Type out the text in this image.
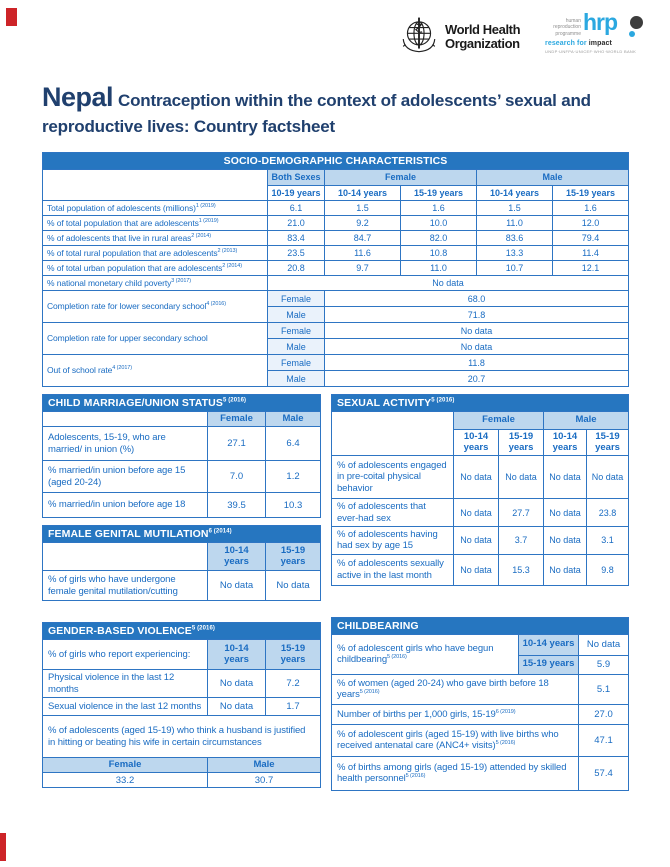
World Health
Organization
human reproduction programme hrp
research for impact
UNDP·UNFPA·UNICEF·WHO·WORLD BANK
Nepal Contraception within the context of adolescents’ sexual and reproductive lives: Country factsheet
SOCIO-DEMOGRAPHIC CHARACTERISTICS					
	Both Sexes	Female		Male	
	10-19 years	10-14 years	15-19 years	10-14 years	15-19 years
Total population of adolescents (millions)$^{1 (2019)}$	6.1	1.5	1.6	1.5	1.6
% of total population that are adolescents$^{1 (2019)}$	21.0	9.2	10.0	11.0	12.0
% of adolescents that live in rural areas$^{2 (2014)}$	83.4	84.7	82.0	83.6	79.4
% of total rural population that are adolescents$^{2 (2013)}$	23.5	11.6	10.8	13.3	11.4
% of total urban population that are adolescents$^{2 (2014)}$	20.8	9.7	11.0	10.7	12.1
% national monetary child poverty$^{3 (2017)}$	No data				
Completion rate for lower secondary school$^{4 (2016)}$	Female	68.0			
	Male	71.8			
Completion rate for upper secondary school	Female	No data			
	Male	No data			
Out of school rate$^{4 (2017)}$	Female	11.8			
	Male	20.7			
CHILD MARRIAGE/UNION $STATUS^{5 (2016)}$
	Female	Male
Adolescents, 15-19, who are married/ in union (%)	27.1	6.4
% married/in union before age 15 (aged 20-24)	7.0	1.2
% married/in union before age 18	39.5	10.3
FEMALE GENITAL $MUTILATION^{6 (2014)}$
	10-14 years	15-19 years
% of girls who have undergone female genital mutilation/cutting	No data	No data
GENDER-BASED $VIOLENCE^{5 (2016)}$
% of girls who report experiencing:	10-14 years	15-19 years
Physical violence in the last 12 months	No data	7.2
Sexual violence in the last 12 months	No data	1.7
% of adolescents (aged 15-19) who think a husband is justified in hitting or beating his wife in certain circumstances		
Female	Male	
33.2	30.7	
SEXUAL $ACTIVITY^{5 (2016)}$
	Female		Male	
	10-14 years	15-19 years	10-14 years	15-19 years
% of adolescents engaged in pre-coital physical behavior	No data	No data	No data	No data
% of adolescents that ever-had sex	No data	27.7	No data	23.8
% of adolescents having had sex by age 15	No data	3.7	No data	3.1
% of adolescents sexually active in the last month	No data	15.3	No data	9.8
CHILDBEARING		
% of adolescent girls who have begun childbearing$^{5 (2016)}$	10-14 years	No data
	15-19 years	5.9
% of women (aged 20-24) who gave birth before 18 years$^{5 (2016)}$		5.1
Number of births per 1,000 girls, $15-19^{6 (2019)}$		27.0
% of adolescent girls (aged 15-19) with live births who received antenatal care (ANC4+ visits)$^{5 (2016)}$		47.1
% of births among girls (aged 15-19) attended by skilled health personnel$^{5 (2016)}$		57.4
